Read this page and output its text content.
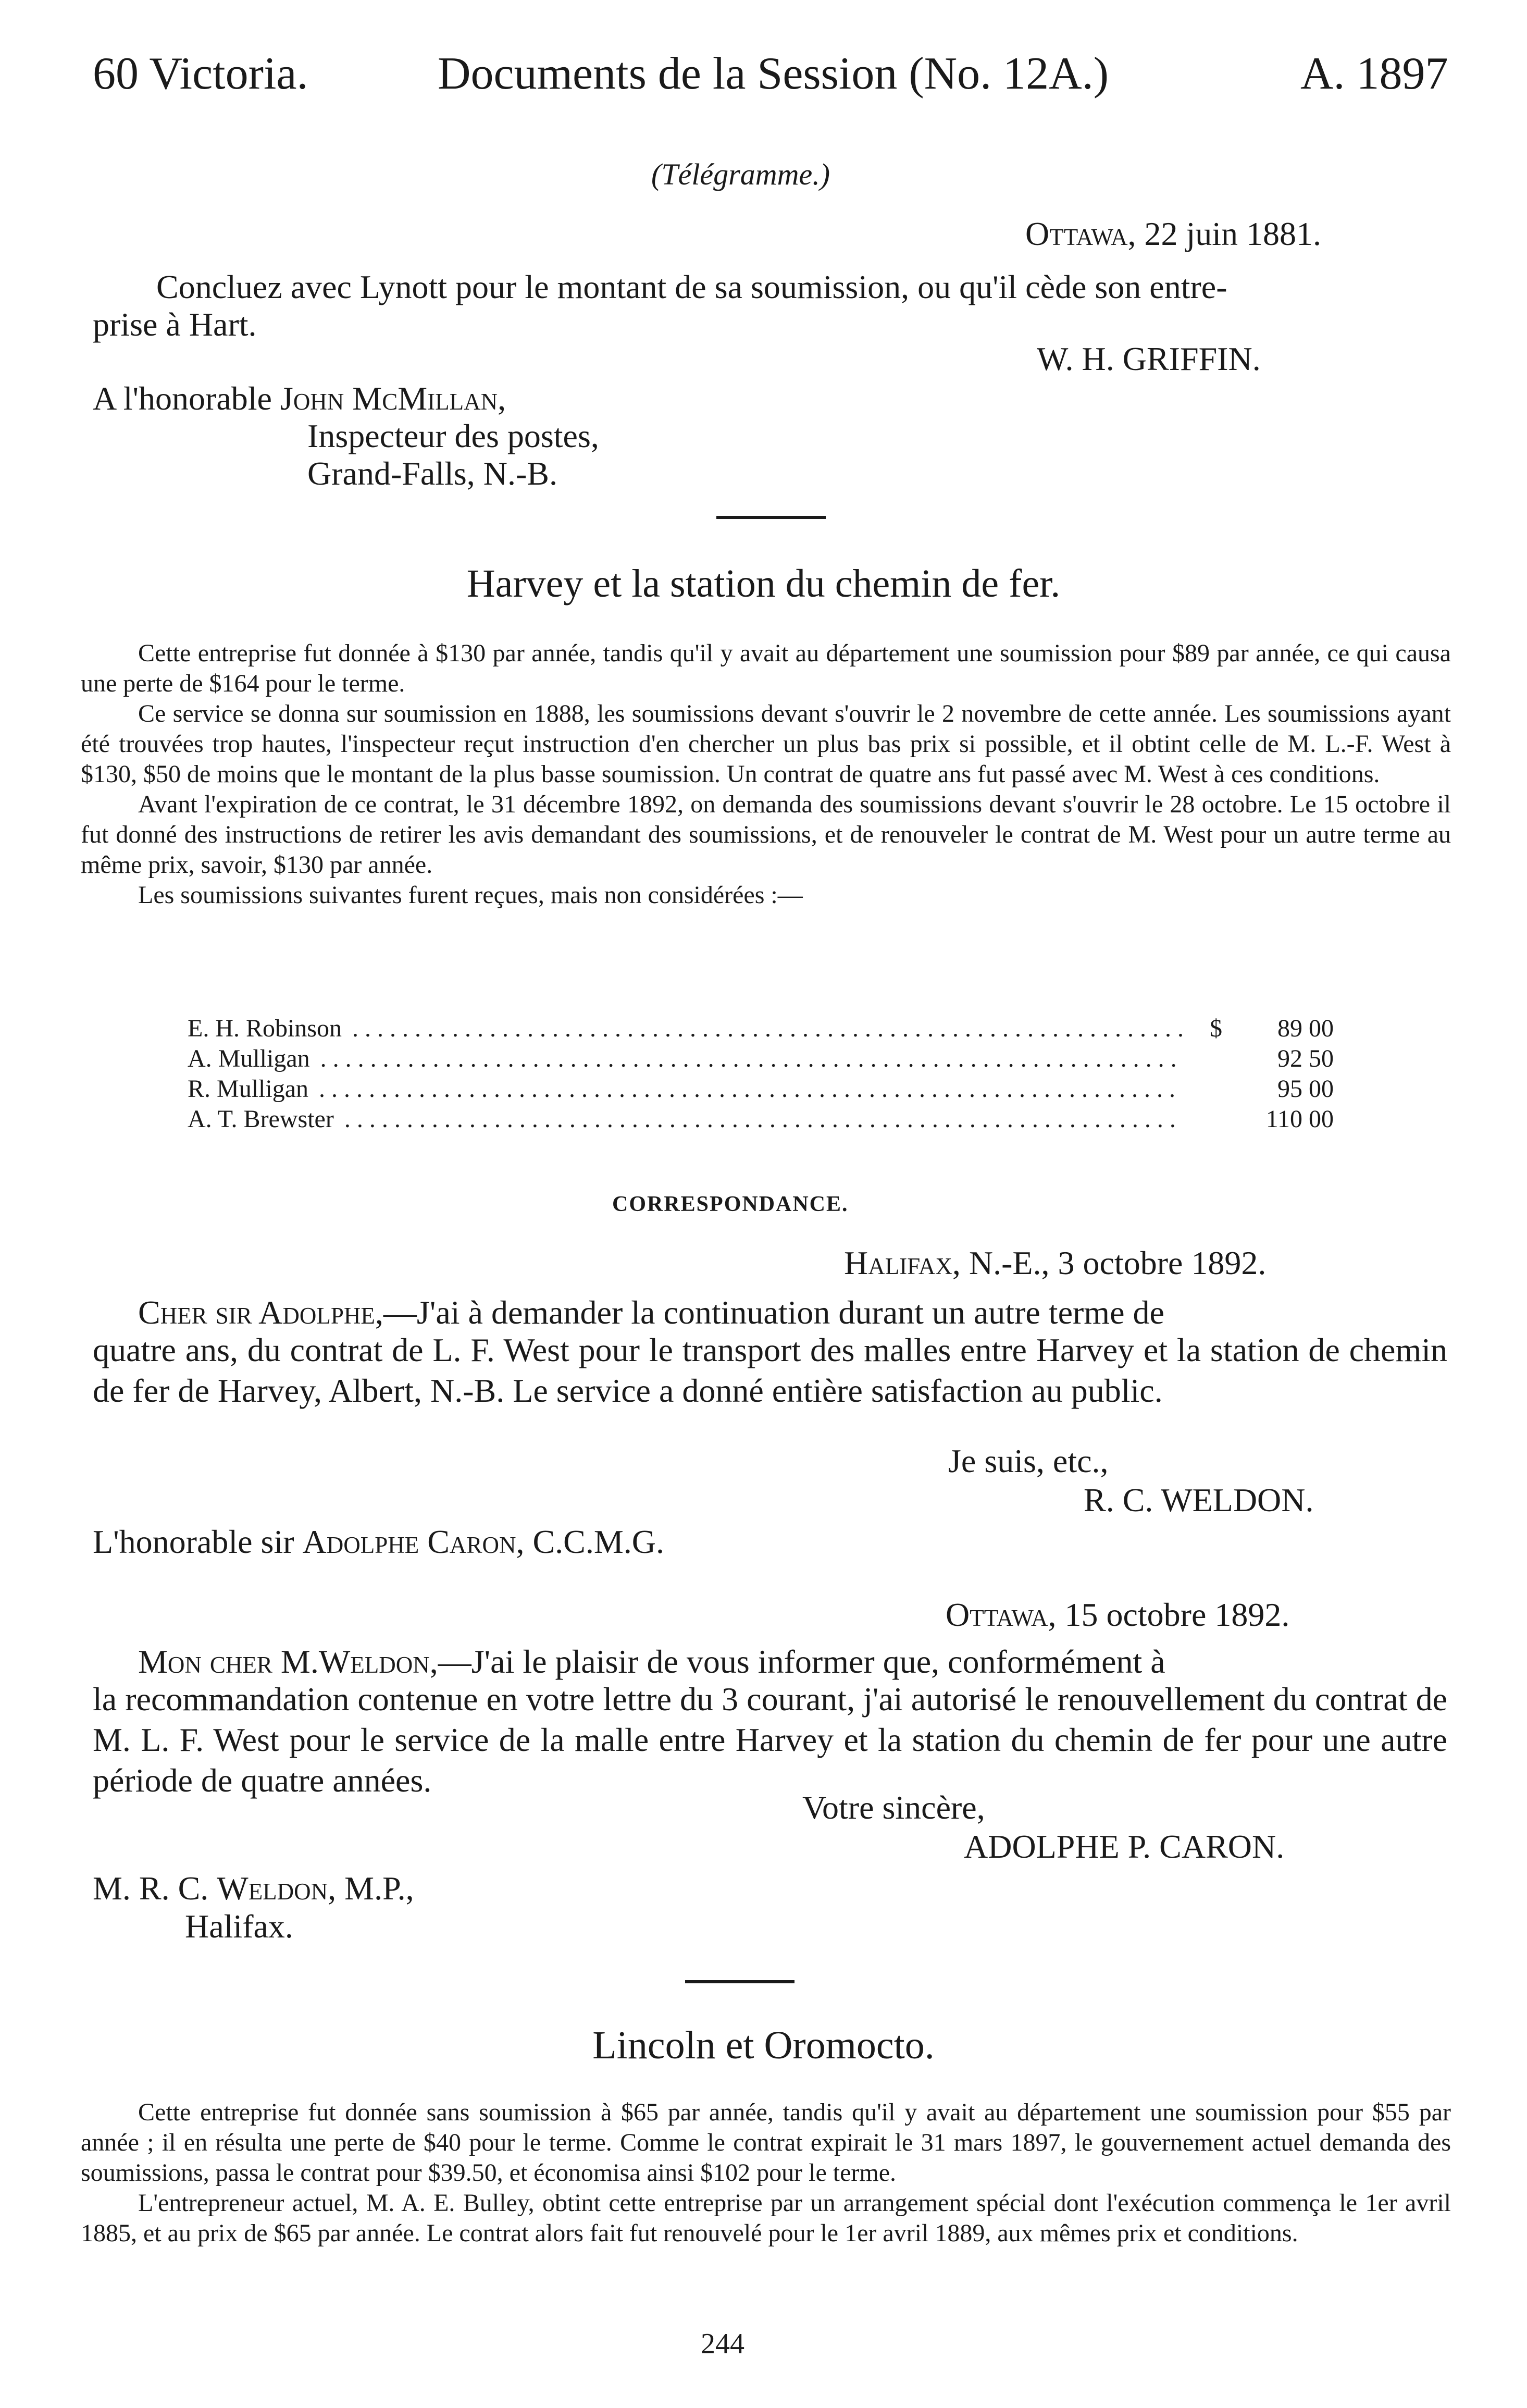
60 Victoria.	Documents de la Session (No. 12A.)	A. 1897
(Télégramme.)
Ottawa, 22 juin 1881.
Concluez avec Lynott pour le montant de sa soumission, ou qu'il cède son entre-
prise à Hart.
W. H. GRIFFIN.
A l'honorable John McMillan,
Inspecteur des postes,
Grand-Falls, N.-B.
Harvey et la station du chemin de fer.

Cette entreprise fut donnée à $130 par année, tandis qu'il y avait au département une soumission pour $89 par année, ce qui causa une perte de $164 pour le terme.

Ce service se donna sur soumission en 1888, les soumissions devant s'ouvrir le 2 novembre de cette année. Les soumissions ayant été trouvées trop hautes, l'inspecteur reçut instruction d'en chercher un plus bas prix si possible, et il obtint celle de M. L.-F. West à $130, $50 de moins que le montant de la plus basse soumission. Un contrat de quatre ans fut passé avec M. West à ces conditions.

Avant l'expiration de ce contrat, le 31 décembre 1892, on demanda des soumissions devant s'ouvrir le 28 octobre. Le 15 octobre il fut donné des instructions de retirer les avis demandant des soumissions, et de renouveler le contrat de M. West pour un autre terme au même prix, savoir, $130 par année.

Les soumissions suivantes furent reçues, mais non considérées :—

E. H. Robinson . . .	$	89 00
A. Mulligan . . .	92 50
R. Mulligan . . .	95 00
A. T. Brewster . . .	110 00
CORRESPONDANCE.
Halifax, N.-E., 3 octobre 1892.
Cher sir Adolphe,—J'ai à demander la continuation durant un autre terme de
quatre ans, du contrat de L. F. West pour le transport des malles entre Harvey et la station de chemin de fer de Harvey, Albert, N.-B. Le service a donné entière satisfaction au public.
Je suis, etc.,
R. C. WELDON.
L'honorable sir Adolphe Caron, C.C.M.G.
Ottawa, 15 octobre 1892.
Mon cher M.Weldon,—J'ai le plaisir de vous informer que, conformément à
la recommandation contenue en votre lettre du 3 courant, j'ai autorisé le renouvellement du contrat de M. L. F. West pour le service de la malle entre Harvey et la station du chemin de fer pour une autre période de quatre années.
Votre sincère,
ADOLPHE P. CARON.
M. R. C. Weldon, M.P.,
Halifax.
Lincoln et Oromocto.

Cette entreprise fut donnée sans soumission à $65 par année, tandis qu'il y avait au département une soumission pour $55 par année ; il en résulta une perte de $40 pour le terme. Comme le contrat expirait le 31 mars 1897, le gouvernement actuel demanda des soumissions, passa le contrat pour $39.50, et économisa ainsi $102 pour le terme.

L'entrepreneur actuel, M. A. E. Bulley, obtint cette entreprise par un arrangement spécial dont l'exécution commença le 1er avril 1885, et au prix de $65 par année. Le contrat alors fait fut renouvelé pour le 1er avril 1889, aux mêmes prix et conditions.

244
